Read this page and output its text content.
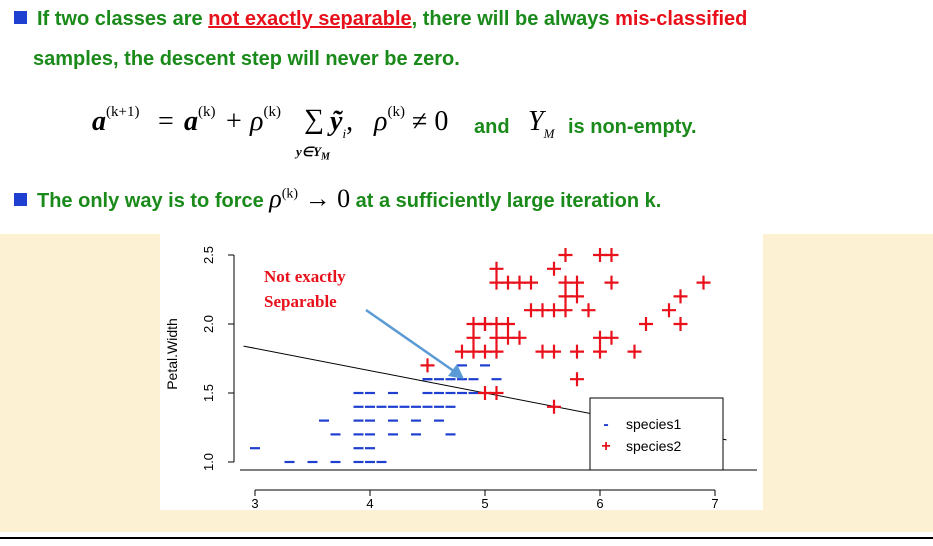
If two classes are not exactly separable, there will be always mis-classified
samples, the descent step will never be zero.
$a^{(k+1)} = a^{(k)} + \rho^{(k)}$ ∑
$y\in Y_M$
ỹ$_i$, $\rho^{(k)} \ne 0$ and $Y_M$ is non-empty.
The only way is to force $\rho^{(k)} \to 0$ at a sufficiently large iteration k.
3	4	5	6	7
1.0
1.5
2.0
2.5
Petal.Width
Not exactly
Separable
- species1
+ species2
